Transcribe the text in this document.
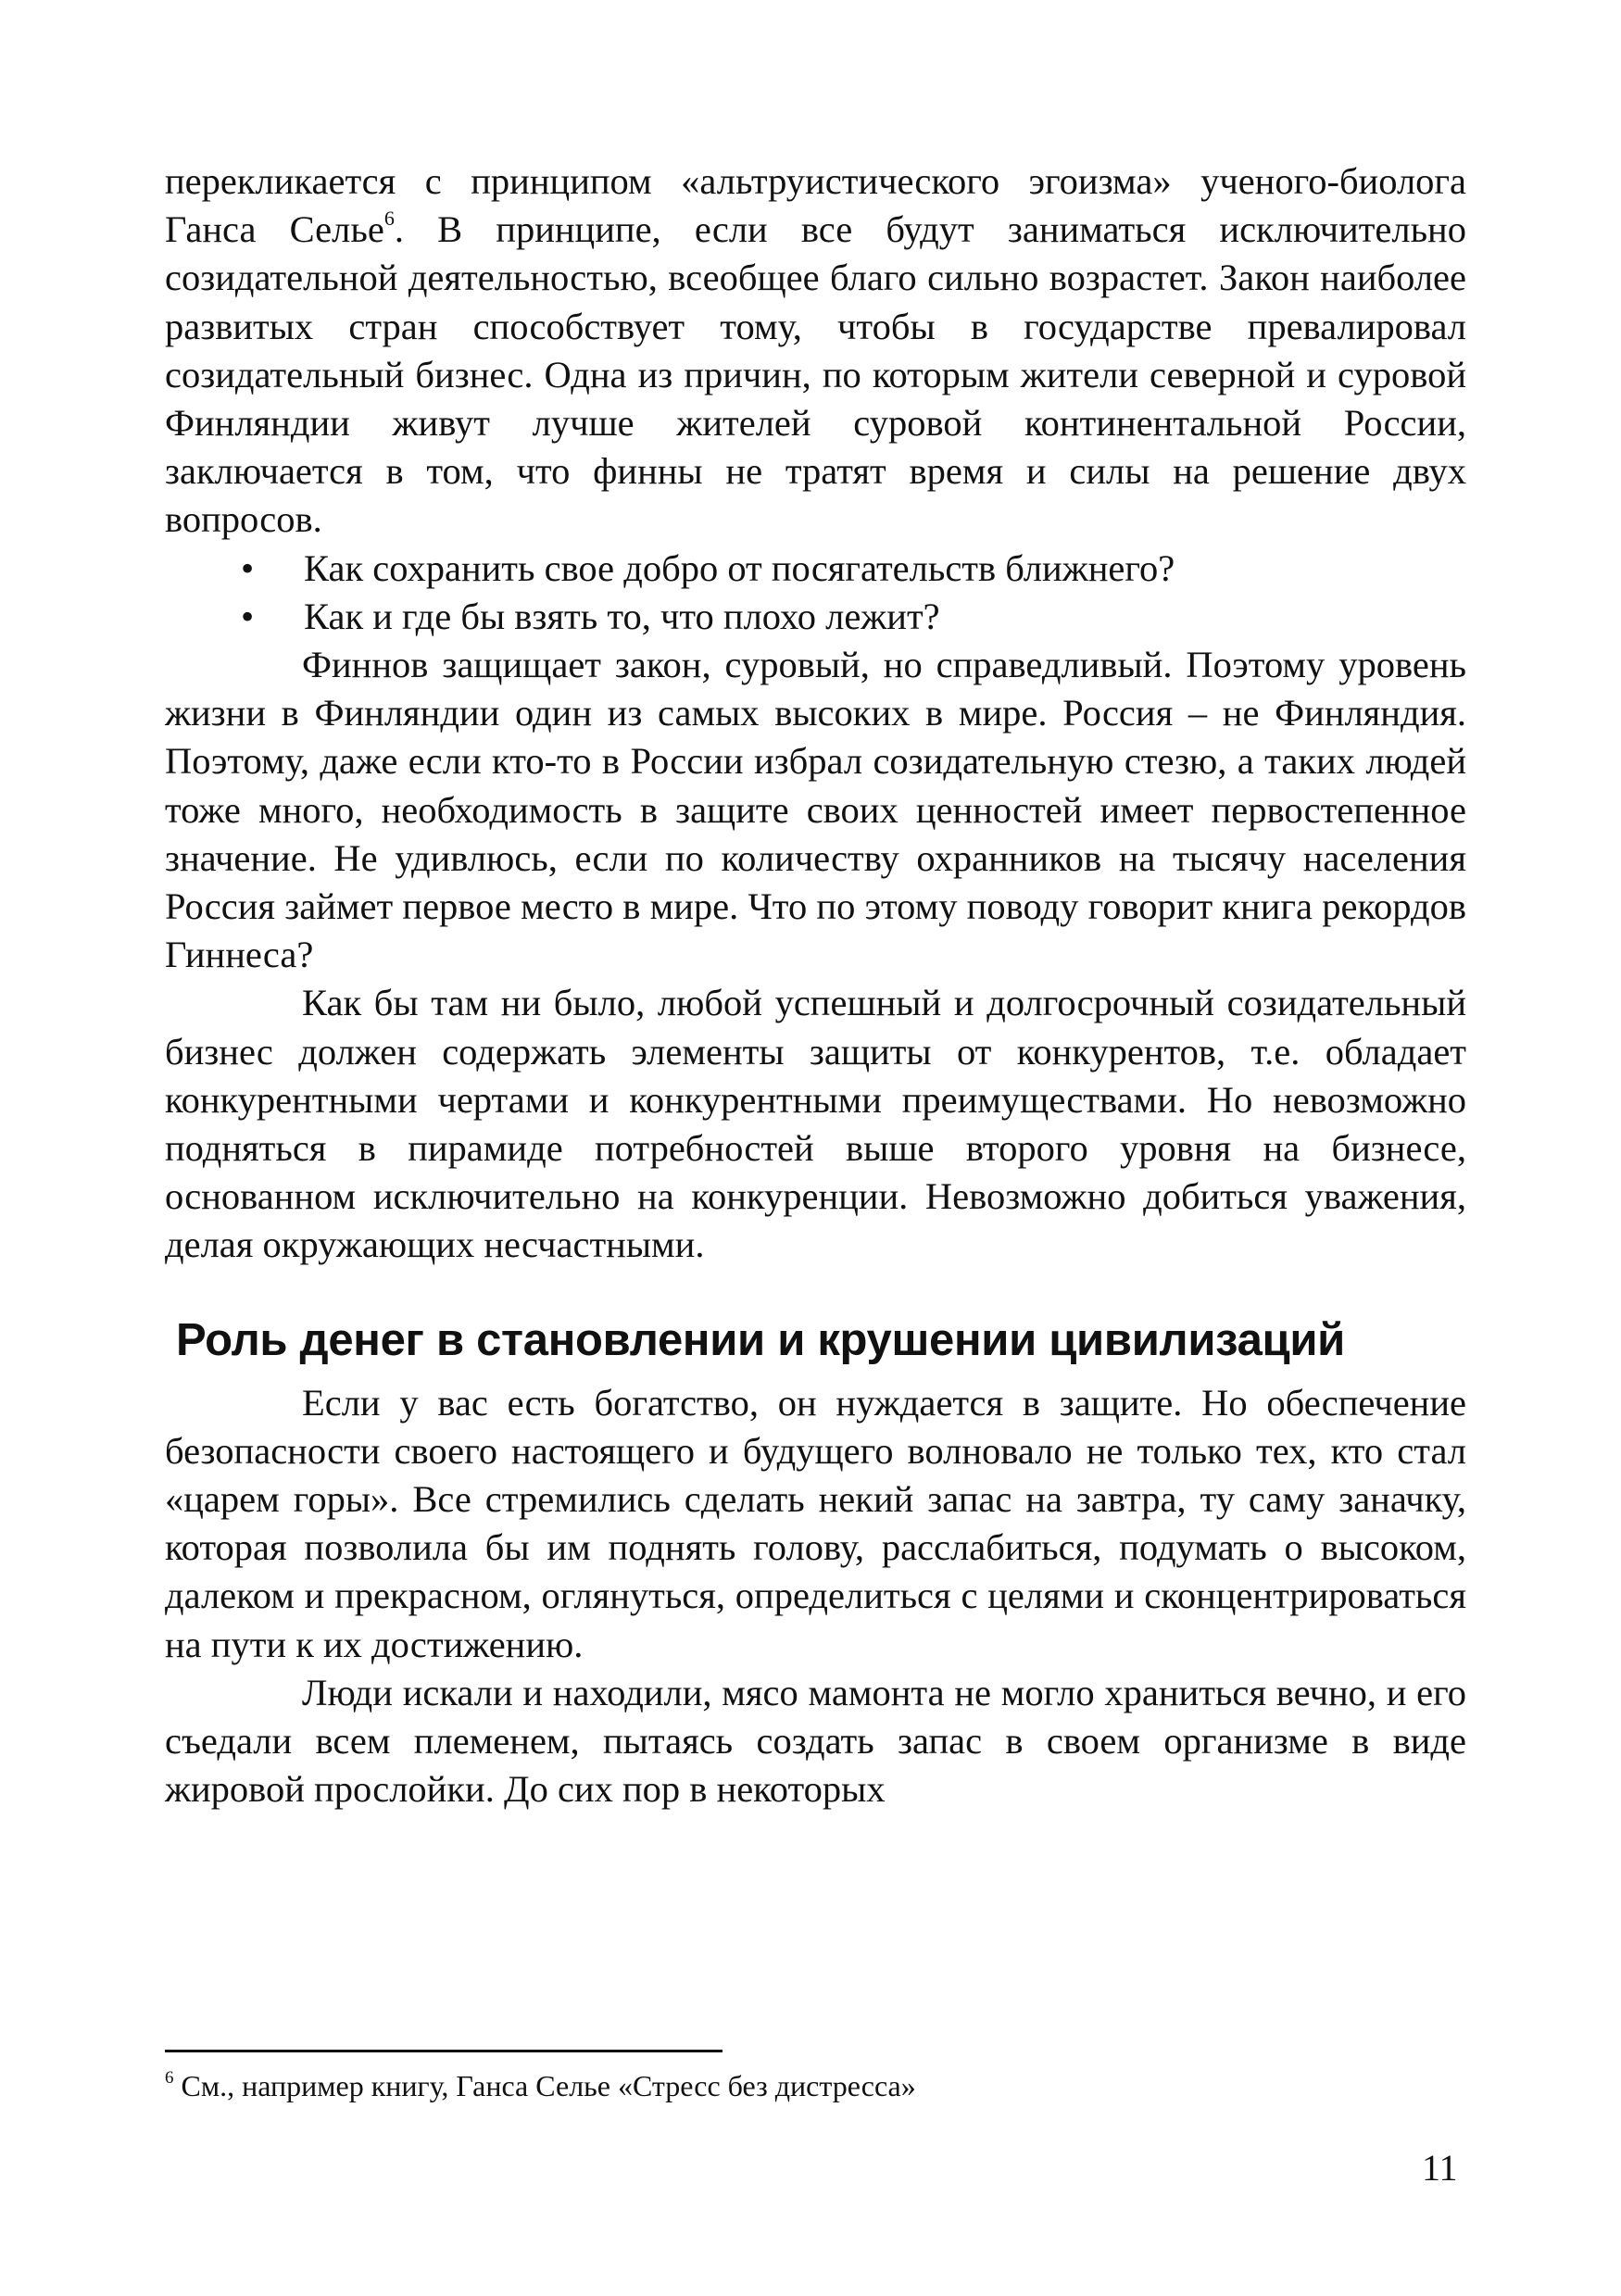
перекликается с принципом «альтруистического эгоизма» ученого-биолога Ганса Селье$^6$. В принципе, если все будут заниматься исключительно созидательной деятельностью, всеобщее благо сильно возрастет. Закон наиболее развитых стран способствует тому, чтобы в государстве превалировал созидательный бизнес. Одна из причин, по которым жители северной и суровой Финляндии живут лучше жителей суровой континентальной России, заключается в том, что финны не тратят время и силы на решение двух вопросов.

• Как сохранить свое добро от посягательств ближнего?
• Как и где бы взять то, что плохо лежит?

Финнов защищает закон, суровый, но справедливый. Поэтому уровень жизни в Финляндии один из самых высоких в мире. Россия – не Финляндия. Поэтому, даже если кто-то в России избрал созидательную стезю, а таких людей тоже много, необходимость в защите своих ценностей имеет первостепенное значение. Не удивлюсь, если по количеству охранников на тысячу населения Россия займет первое место в мире. Что по этому поводу говорит книга рекордов Гиннеса?

Как бы там ни было, любой успешный и долгосрочный созидательный бизнес должен содержать элементы защиты от конкурентов, т.е. обладает конкурентными чертами и конкурентными преимуществами. Но невозможно подняться в пирамиде потребностей выше второго уровня на бизнесе, основанном исключительно на конкуренции. Невозможно добиться уважения, делая окружающих несчастными.

Роль денег в становлении и крушении цивилизаций

Если у вас есть богатство, он нуждается в защите. Но обеспечение безопасности своего настоящего и будущего волновало не только тех, кто стал «царем горы». Все стремились сделать некий запас на завтра, ту саму заначку, которая позволила бы им поднять голову, расслабиться, подумать о высоком, далеком и прекрасном, оглянуться, определиться с целями и сконцентрироваться на пути к их достижению.

Люди искали и находили, мясо мамонта не могло храниться вечно, и его съедали всем племенем, пытаясь создать запас в своем организме в виде жировой прослойки. До сих пор в некоторых

$^6$ См., например книгу, Ганса Селье «Стресс без дистресса»
11
